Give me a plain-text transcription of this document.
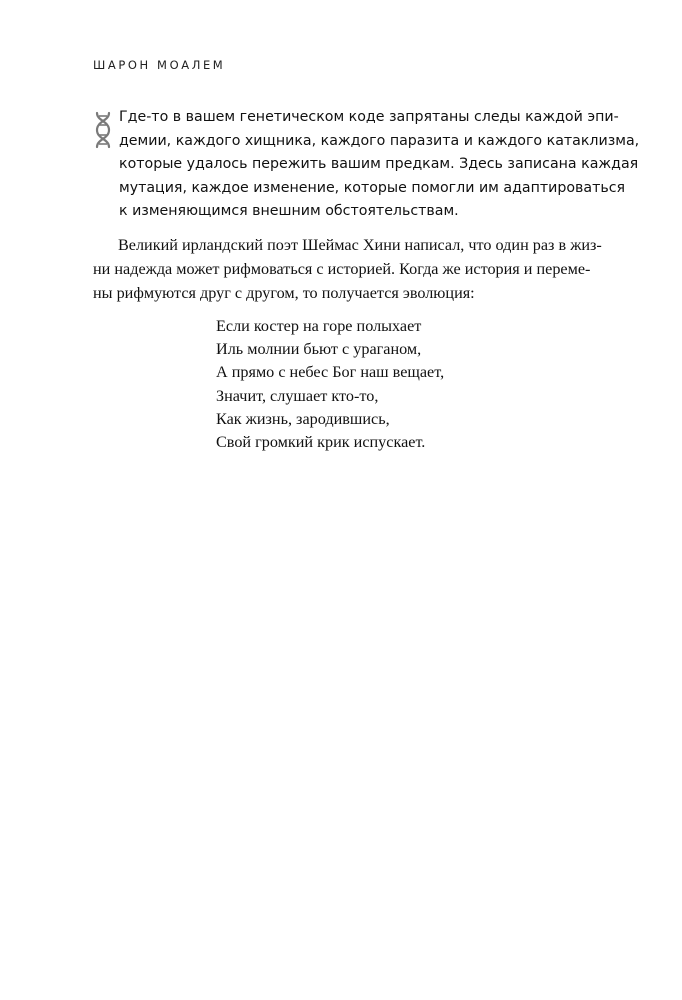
ШАРОН МОАЛЕМ
Где-то в вашем генетическом коде запрятаны следы каждой эпи-
демии, каждого хищника, каждого паразита и каждого катаклизма,
которые удалось пережить вашим предкам. Здесь записана каждая
мутация, каждое изменение, которые помогли им адаптироваться
к изменяющимся внешним обстоятельствам.
Великий ирландский поэт Шеймас Хини написал, что один раз в жиз-
ни надежда может рифмоваться с историей. Когда же история и переме-
ны рифмуются друг с другом, то получается эволюция:
Если костер на горе полыхает
Иль молнии бьют с ураганом,
А прямо с небес Бог наш вещает,
Значит, слушает кто-то,
Как жизнь, зародившись,
Свой громкий крик испускает.
